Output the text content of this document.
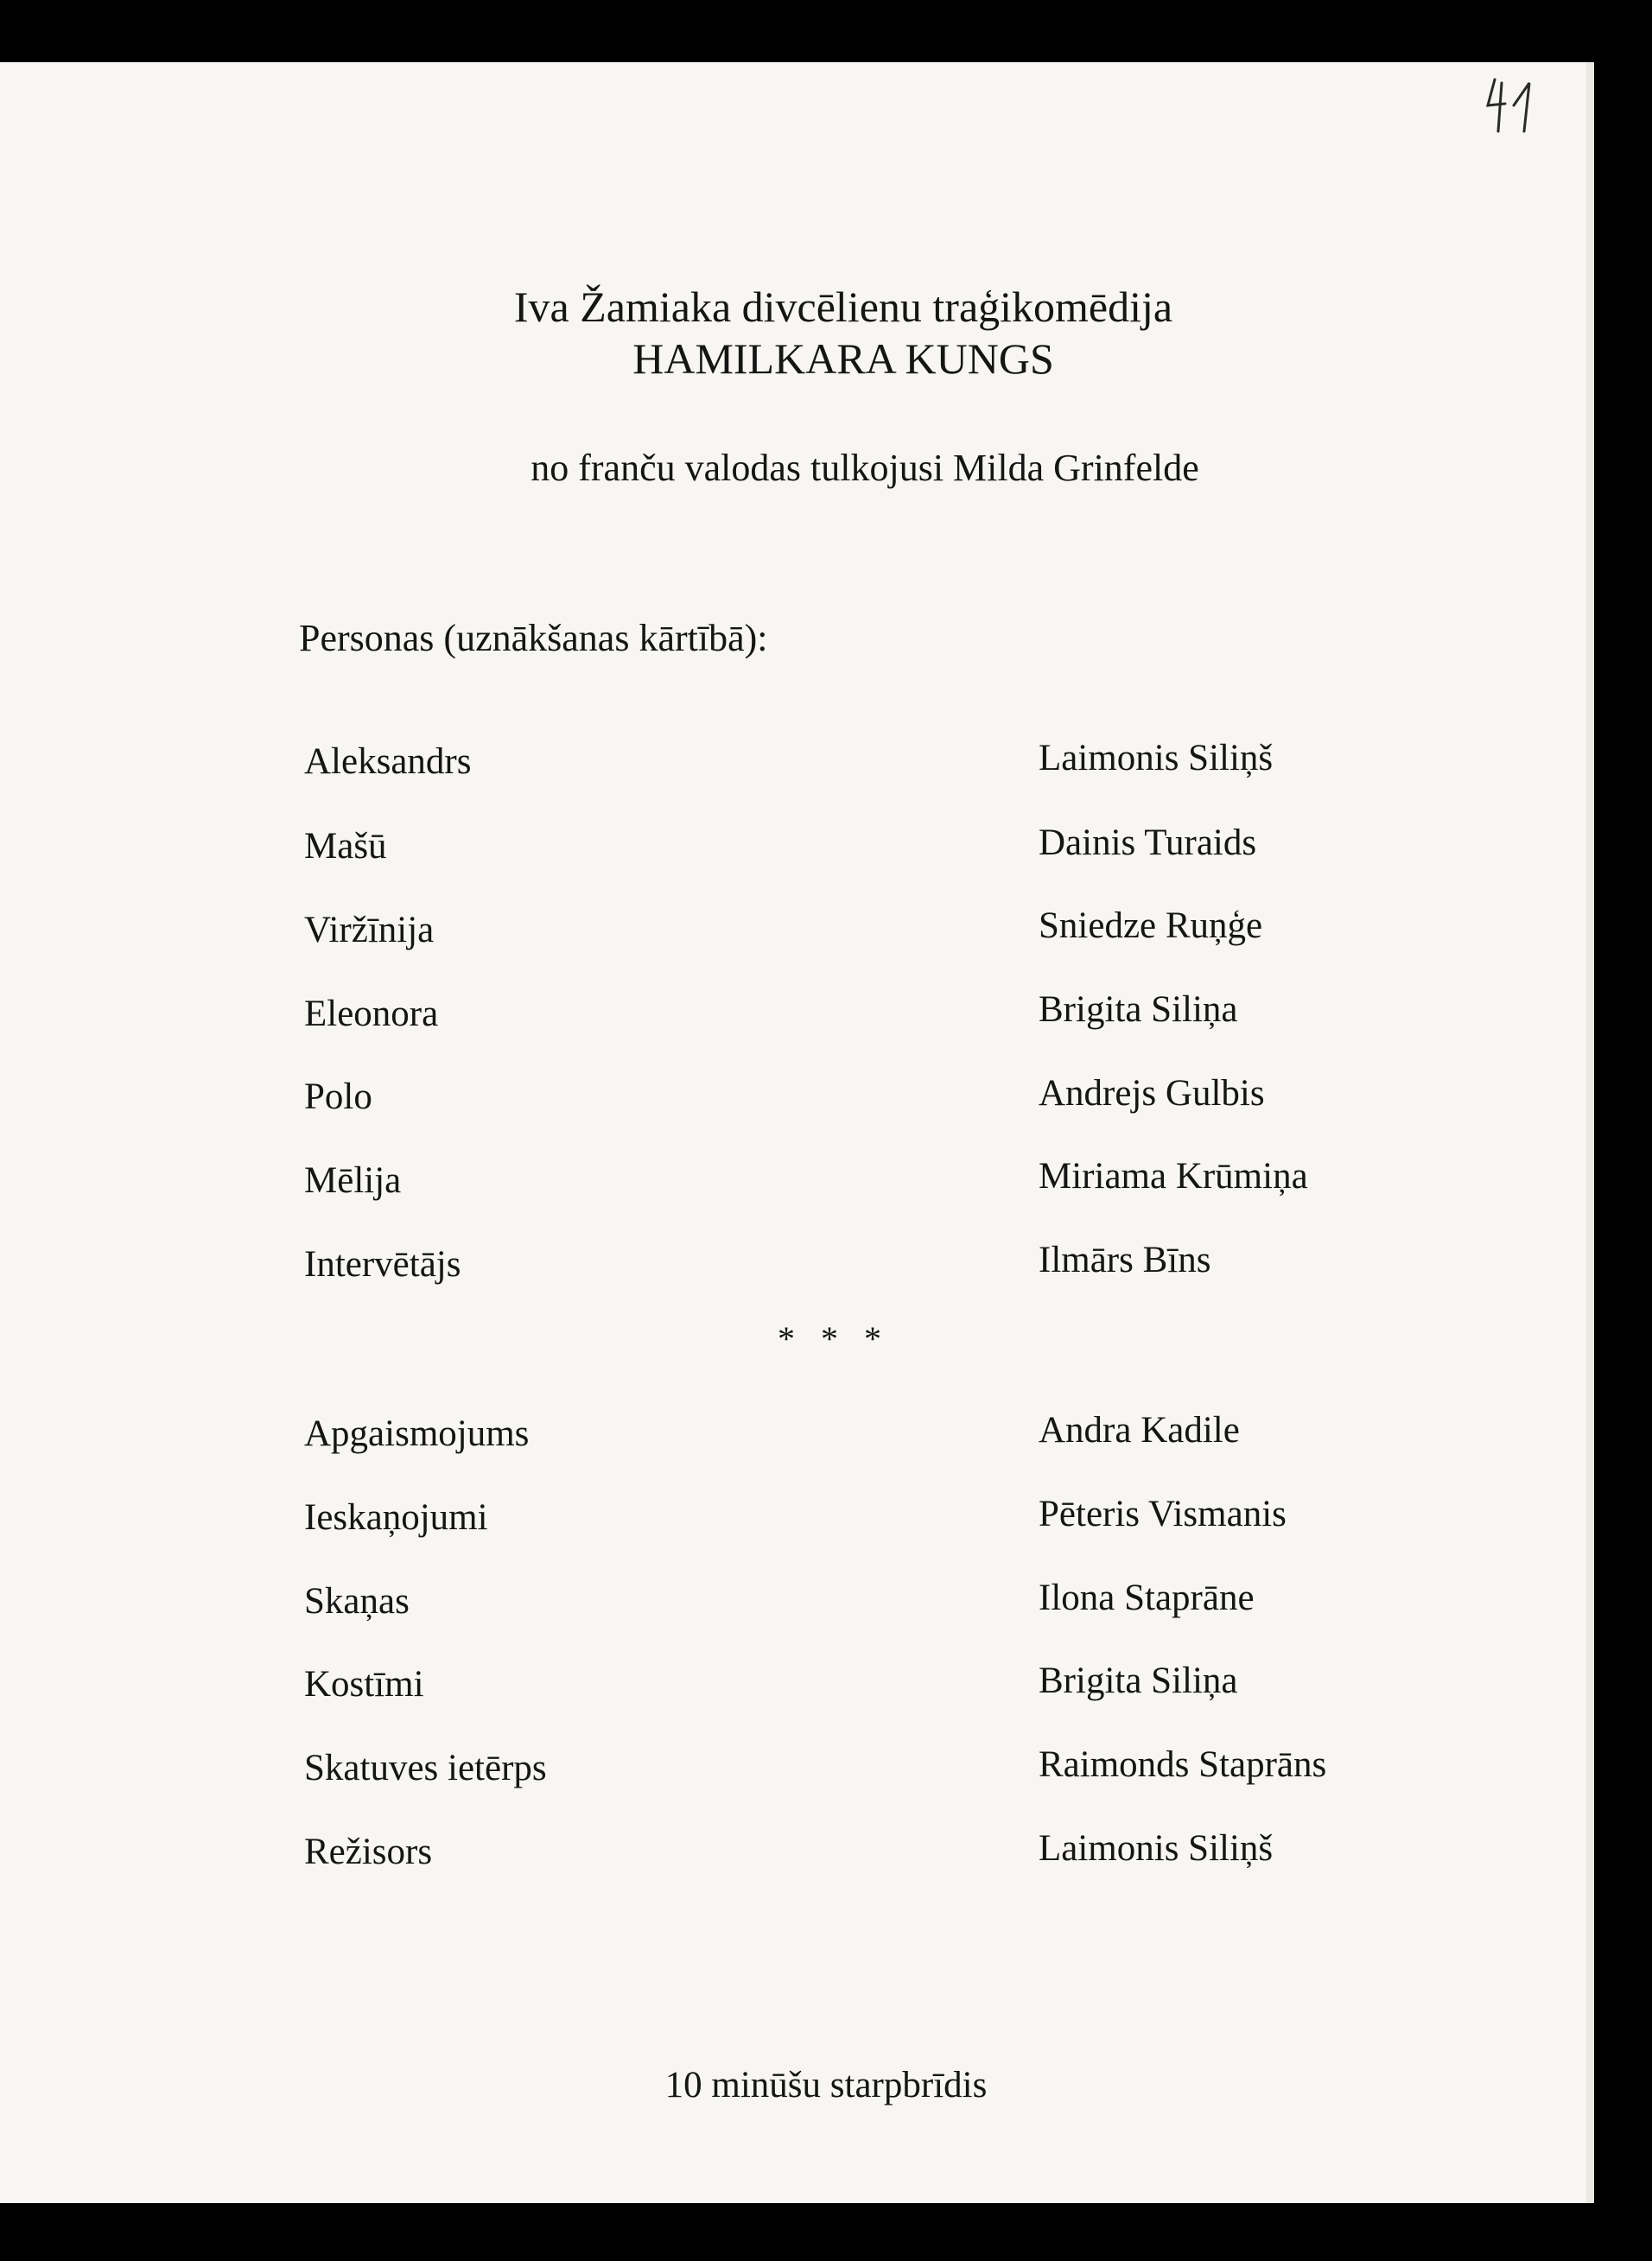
Iva Žamiaka divcēlienu traģikomēdija
HAMILKARA KUNGS
no franču valodas tulkojusi Milda Grinfelde
Personas (uznākšanas kārtībā):
Aleksandrs	Laimonis Siliņš
Mašū	Dainis Turaids
Viržīnija	Sniedze Ruņģe
Eleonora	Brigita Siliņa
Polo	Andrejs Gulbis
Mēlija	Miriama Krūmiņa
Intervētājs	Ilmārs Bīns
* * *
Apgaismojums	Andra Kadile
Ieskaņojumi	Pēteris Vismanis
Skaņas	Ilona Staprāne
Kostīmi	Brigita Siliņa
Skatuves ietērps	Raimonds Staprāns
Režisors	Laimonis Siliņš
10 minūšu starpbrīdis
